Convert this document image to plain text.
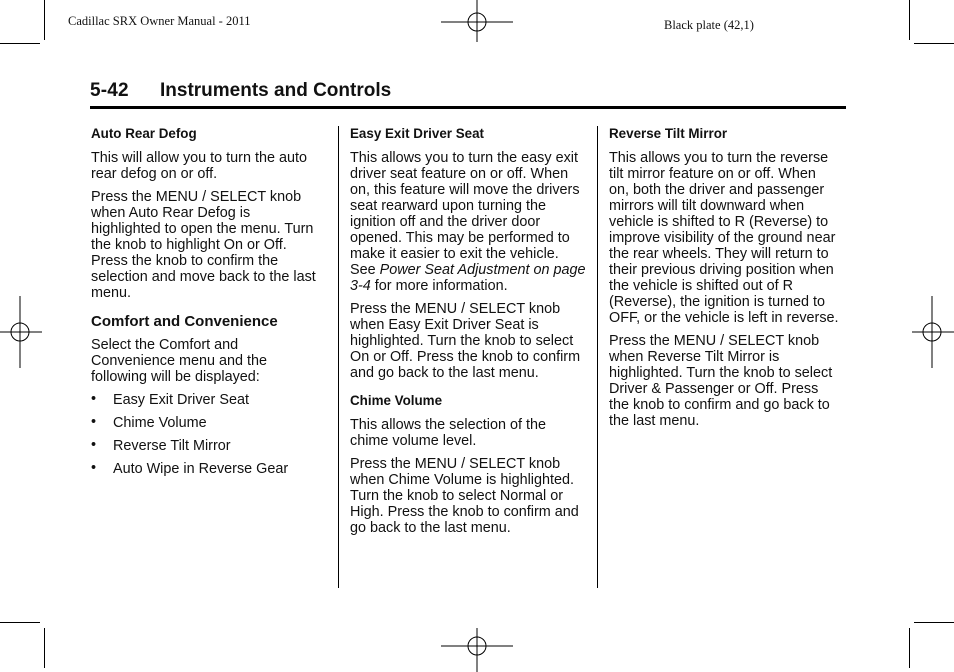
Cadillac SRX Owner Manual - 2011	Black plate (42,1)
5-42 Instruments and Controls
Auto Rear Defog

This will allow you to turn the auto rear defog on or off.

Press the MENU / SELECT knob when Auto Rear Defog is highlighted to open the menu. Turn the knob to highlight On or Off. Press the knob to confirm the selection and move back to the last menu.

Comfort and Convenience

Select the Comfort and Convenience menu and the following will be displayed:

• Easy Exit Driver Seat
• Chime Volume
• Reverse Tilt Mirror
• Auto Wipe in Reverse Gear
Easy Exit Driver Seat

This allows you to turn the easy exit driver seat feature on or off. When on, this feature will move the drivers seat rearward upon turning the ignition off and the driver door opened. This may be performed to make it easier to exit the vehicle. See Power Seat Adjustment on page 3-4 for more information.

Press the MENU / SELECT knob when Easy Exit Driver Seat is highlighted. Turn the knob to select On or Off. Press the knob to confirm and go back to the last menu.

Chime Volume

This allows the selection of the chime volume level.

Press the MENU / SELECT knob when Chime Volume is highlighted. Turn the knob to select Normal or High. Press the knob to confirm and go back to the last menu.

Reverse Tilt Mirror

This allows you to turn the reverse tilt mirror feature on or off. When on, both the driver and passenger mirrors will tilt downward when vehicle is shifted to R (Reverse) to improve visibility of the ground near the rear wheels. They will return to their previous driving position when the vehicle is shifted out of R (Reverse), the ignition is turned to OFF, or the vehicle is left in reverse.

Press the MENU / SELECT knob when Reverse Tilt Mirror is highlighted. Turn the knob to select Driver & Passenger or Off. Press the knob to confirm and go back to the last menu.
